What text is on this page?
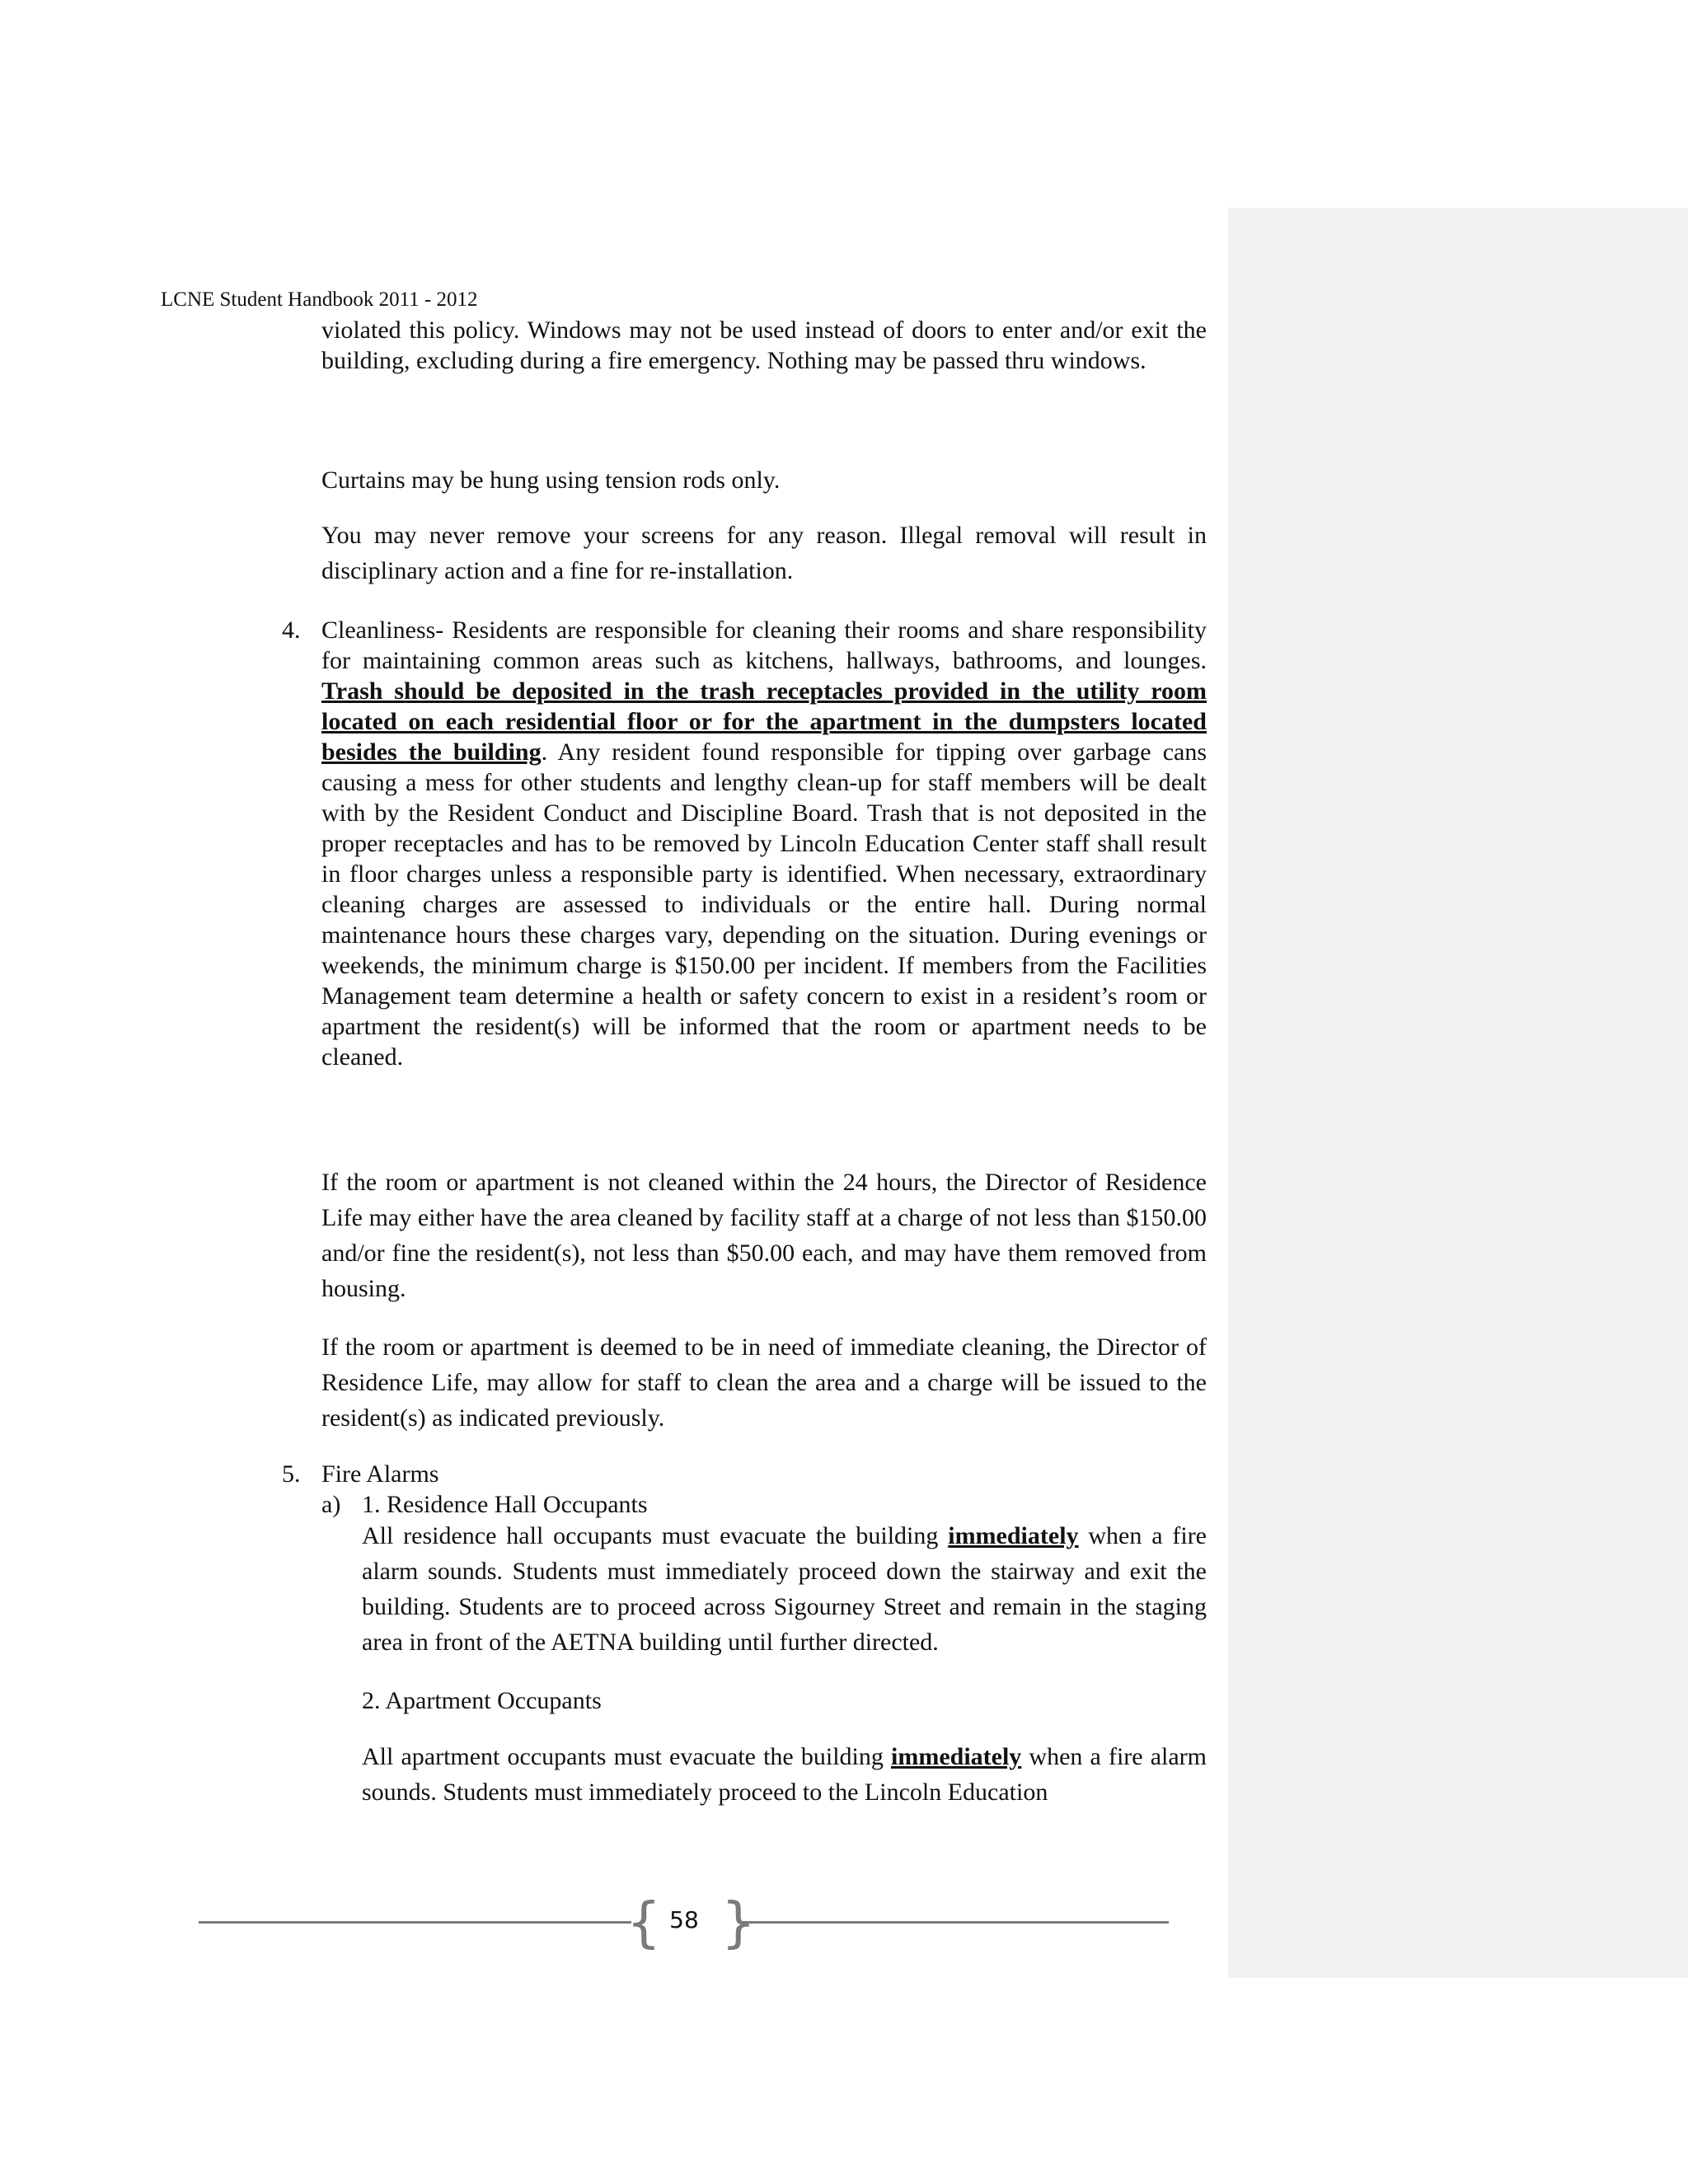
LCNE Student Handbook 2011 - 2012

violated this policy. Windows may not be used instead of doors to enter and/or exit the building, excluding during a fire emergency. Nothing may be passed thru windows.

Curtains may be hung using tension rods only.

You may never remove your screens for any reason. Illegal removal will result in disciplinary action and a fine for re-installation.

4. Cleanliness- Residents are responsible for cleaning their rooms and share responsibility for maintaining common areas such as kitchens, hallways, bathrooms, and lounges. Trash should be deposited in the trash receptacles provided in the utility room located on each residential floor or for the apartment in the dumpsters located besides the building. Any resident found responsible for tipping over garbage cans causing a mess for other students and lengthy clean-up for staff members will be dealt with by the Resident Conduct and Discipline Board. Trash that is not deposited in the proper receptacles and has to be removed by Lincoln Education Center staff shall result in floor charges unless a responsible party is identified. When necessary, extraordinary cleaning charges are assessed to individuals or the entire hall. During normal maintenance hours these charges vary, depending on the situation. During evenings or weekends, the minimum charge is $150.00 per incident. If members from the Facilities Management team determine a health or safety concern to exist in a resident’s room or apartment the resident(s) will be informed that the room or apartment needs to be cleaned.

If the room or apartment is not cleaned within the 24 hours, the Director of Residence Life may either have the area cleaned by facility staff at a charge of not less than $150.00 and/or fine the resident(s), not less than $50.00 each, and may have them removed from housing.

If the room or apartment is deemed to be in need of immediate cleaning, the Director of Residence Life, may allow for staff to clean the area and a charge will be issued to the resident(s) as indicated previously.

5. Fire Alarms
a) 1. Residence Hall Occupants

All residence hall occupants must evacuate the building immediately when a fire alarm sounds. Students must immediately proceed down the stairway and exit the building. Students are to proceed across Sigourney Street and remain in the staging area in front of the AETNA building until further directed.

2. Apartment Occupants

All apartment occupants must evacuate the building immediately when a fire alarm sounds. Students must immediately proceed to the Lincoln Education

{ 58 }
